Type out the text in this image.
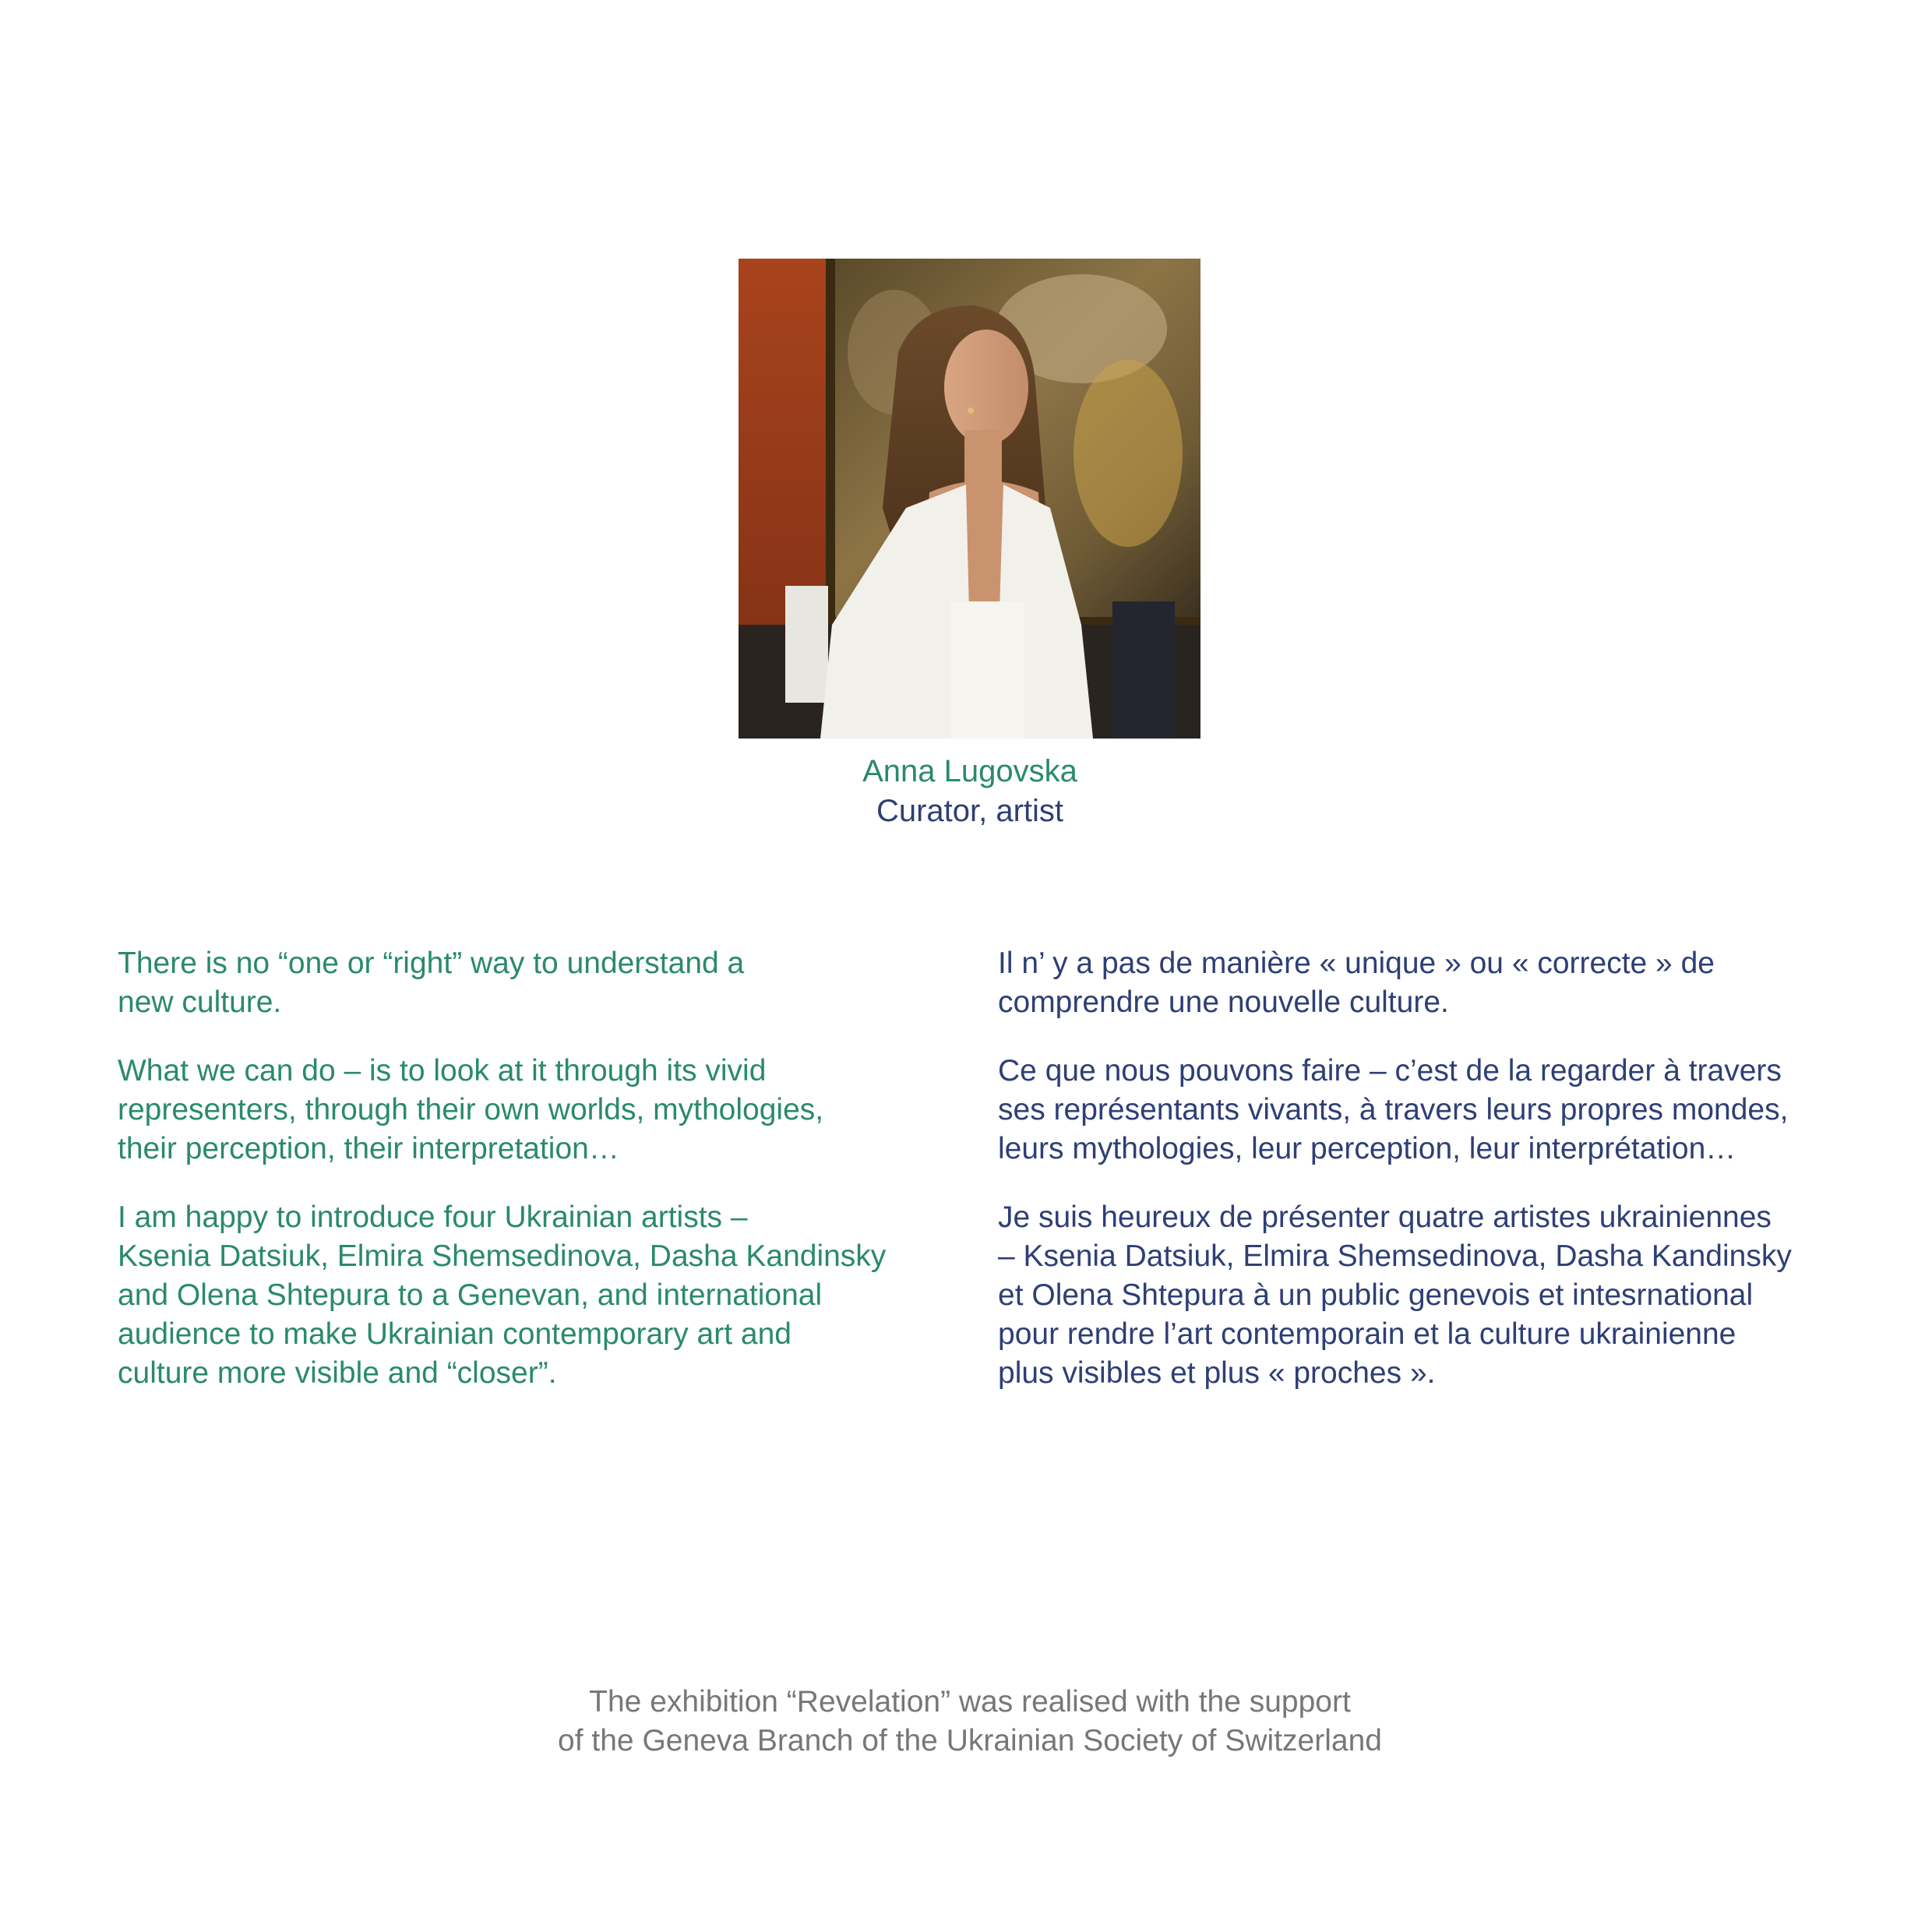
Anna Lugovska
Curator, artist

There is no “one or “right” way to understand a
new culture.

What we can do – is to look at it through its vivid
representers, through their own worlds, mythologies,
their perception, their interpretation…

I am happy to introduce four Ukrainian artists –
Ksenia Datsiuk, Elmira Shemsedinova, Dasha Kandinsky
and Olena Shtepura to a Genevan, and international
audience to make Ukrainian contemporary art and
culture more visible and “closer”.

Il n’ y a pas de manière « unique » ou « correcte » de
comprendre une nouvelle culture.

Ce que nous pouvons faire – c’est de la regarder à travers
ses représentants vivants, à travers leurs propres mondes,
leurs mythologies, leur perception, leur interprétation…

Je suis heureux de présenter quatre artistes ukrainiennes
– Ksenia Datsiuk, Elmira Shemsedinova, Dasha Kandinsky
et Olena Shtepura à un public genevois et intesrnational
pour rendre l’art contemporain et la culture ukrainienne
plus visibles et plus « proches ».

The exhibition “Revelation” was realised with the support
of the Geneva Branch of the Ukrainian Society of Switzerland
